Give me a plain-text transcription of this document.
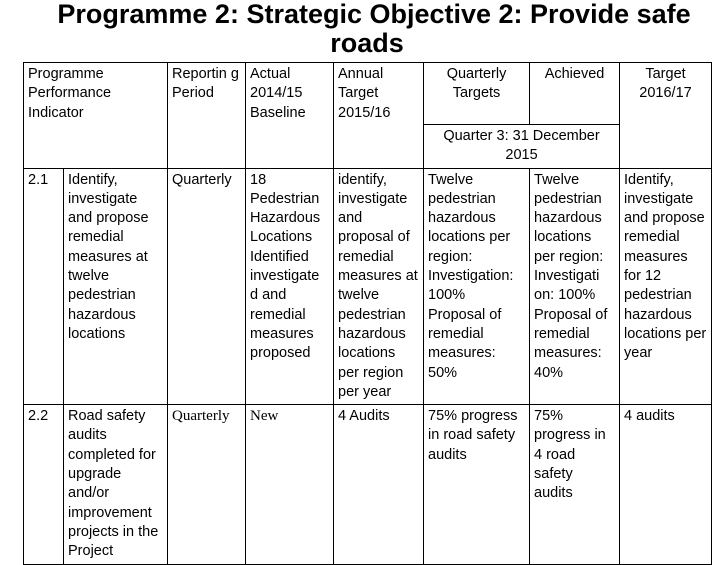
Programme 2: Strategic Objective 2: Provide safe
roads
Programme Performance Indicator		Reportin g Period	Actual 2014/15 Baseline	Annual Target 2015/16	Quarterly Targets	Achieved	Target 2016/17
					Quarter 3: 31 December 2015		
2.1	Identify, investigate and propose remedial measures at twelve pedestrian hazardous locations	Quarterly	18 Pedestrian Hazardous Locations Identified investigate d and remedial measures proposed	identify, investigate and proposal of remedial measures at twelve pedestrian hazardous locations per region per year	Twelve pedestrian hazardous locations per region: Investigation: 100% Proposal of remedial measures: 50%	Twelve pedestrian hazardous locations per region: Investigati on: 100% Proposal of remedial measures: 40%	Identify, investigate and propose remedial measures for 12 pedestrian hazardous locations per year
2.2	Road safety audits completed for upgrade and/or improvement projects in the Project	Quarterly	New	4 Audits	75% progress in road safety audits	75% progress in 4 road safety audits	4 audits
